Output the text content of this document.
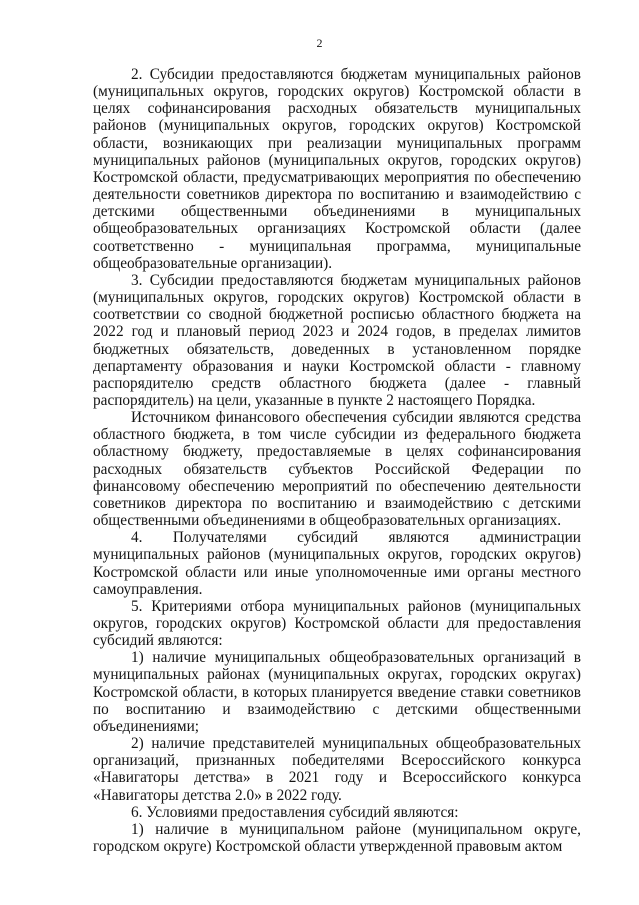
2

2. Субсидии предоставляются бюджетам муниципальных районов (муниципальных округов, городских округов) Костромской области в целях софинансирования расходных обязательств муниципальных районов (муниципальных округов, городских округов) Костромской области, возникающих при реализации муниципальных программ муниципальных районов (муниципальных округов, городских округов) Костромской области, предусматривающих мероприятия по обеспечению деятельности советников директора по воспитанию и взаимодействию с детскими общественными объединениями в муниципальных общеобразовательных организациях Костромской области (далее соответственно - муниципальная программа, муниципальные общеобразовательные организации).

3. Субсидии предоставляются бюджетам муниципальных районов (муниципальных округов, городских округов) Костромской области в соответствии со сводной бюджетной росписью областного бюджета на 2022 год и плановый период 2023 и 2024 годов, в пределах лимитов бюджетных обязательств, доведенных в установленном порядке департаменту образования и науки Костромской области - главному распорядителю средств областного бюджета (далее - главный распорядитель) на цели, указанные в пункте 2 настоящего Порядка.

Источником финансового обеспечения субсидии являются средства областного бюджета, в том числе субсидии из федерального бюджета областному бюджету, предоставляемые в целях софинансирования расходных обязательств субъектов Российской Федерации по финансовому обеспечению мероприятий по обеспечению деятельности советников директора по воспитанию и взаимодействию с детскими общественными объединениями в общеобразовательных организациях.

4. Получателями субсидий являются администрации муниципальных районов (муниципальных округов, городских округов) Костромской области или иные уполномоченные ими органы местного самоуправления.

5. Критериями отбора муниципальных районов (муниципальных округов, городских округов) Костромской области для предоставления субсидий являются:

1) наличие муниципальных общеобразовательных организаций в муниципальных районах (муниципальных округах, городских округах) Костромской области, в которых планируется введение ставки советников по воспитанию и взаимодействию с детскими общественными объединениями;

2) наличие представителей муниципальных общеобразовательных организаций, признанных победителями Всероссийского конкурса «Навигаторы детства» в 2021 году и Всероссийского конкурса «Навигаторы детства 2.0» в 2022 году.

6. Условиями предоставления субсидий являются:

1) наличие в муниципальном районе (муниципальном округе, городском округе) Костромской области утвержденной правовым актом
